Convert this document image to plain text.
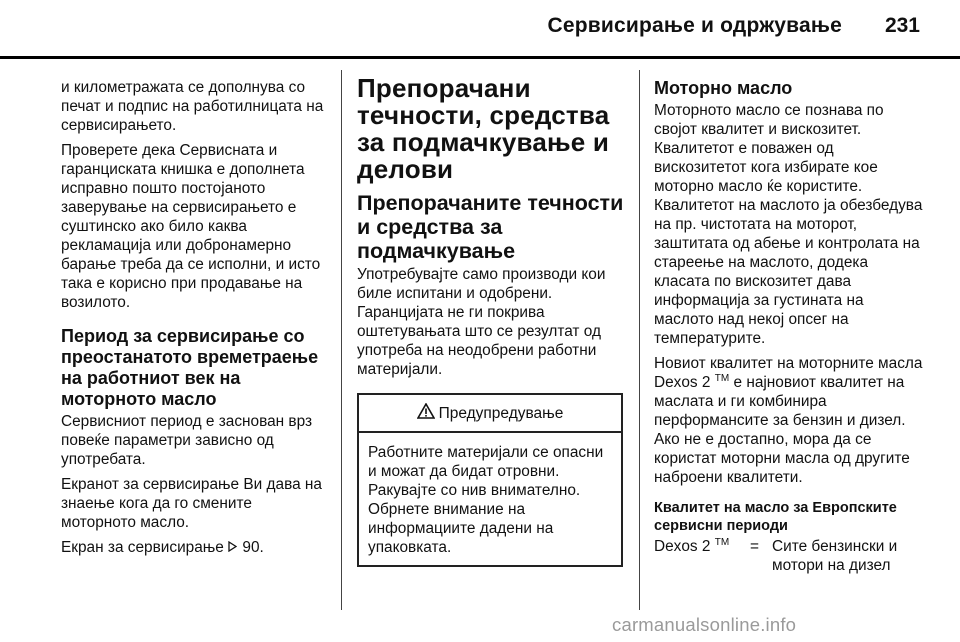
Сервисирање и одржување 231

и километражата се дополнува со печат и подпис на работилницата на сервисирањето.

Проверете дека Сервисната и гаранциската книшка е дополнета исправно пошто постојаното заверување на сервисирањето е суштинско ако било каква рекламација или добронамерно барање треба да се исполни, и исто така е корисно при продавање на возилото.

Период за сервисирање со преостанатото времетраење на работниот век на моторното масло

Сервисниот период е заснован врз повеќе параметри зависно од употребата.

Екранот за сервисирање Ви дава на знаење кога да го смените моторното масло.

Екран за сервисирање 90.

Препорачани течности, средства за подмачкување и делови
Препорачаните течности и средства за подмачкување

Употребувајте само производи кои биле испитани и одобрени. Гаранцијата не ги покрива оштетувањата што се резултат од употреба на неодобрени работни материјали.

Предупредување
Работните материјали се опасни и можат да бидат отровни. Ракувајте со нив внимателно. Обрнете внимание на информациите дадени на упаковката.
Моторно масло

Моторното масло се познава по својот квалитет и вискозитет. Квалитетот е поважен од вискозитетот кога избирате кое моторно масло ќе користите. Квалитетот на маслото ја обезбедува на пр. чистотата на моторот, заштитата од абење и контролата на стареење на маслото, додека класата по вискозитет дава информација за густината на маслото над некој опсег на температурите.

Новиот квалитет на моторните масла Dexos 2 ™ е најновиот квалитет на маслата и ги комбинира перформансите за бензин и дизел. Ако не е достапно, мора да се користат моторни масла од другите наброени квалитети.

Квалитет на масло за Европските сервисни периоди
Dexos 2 ™	= Сите бензински и мотори на дизел
carmanualsonline.info
